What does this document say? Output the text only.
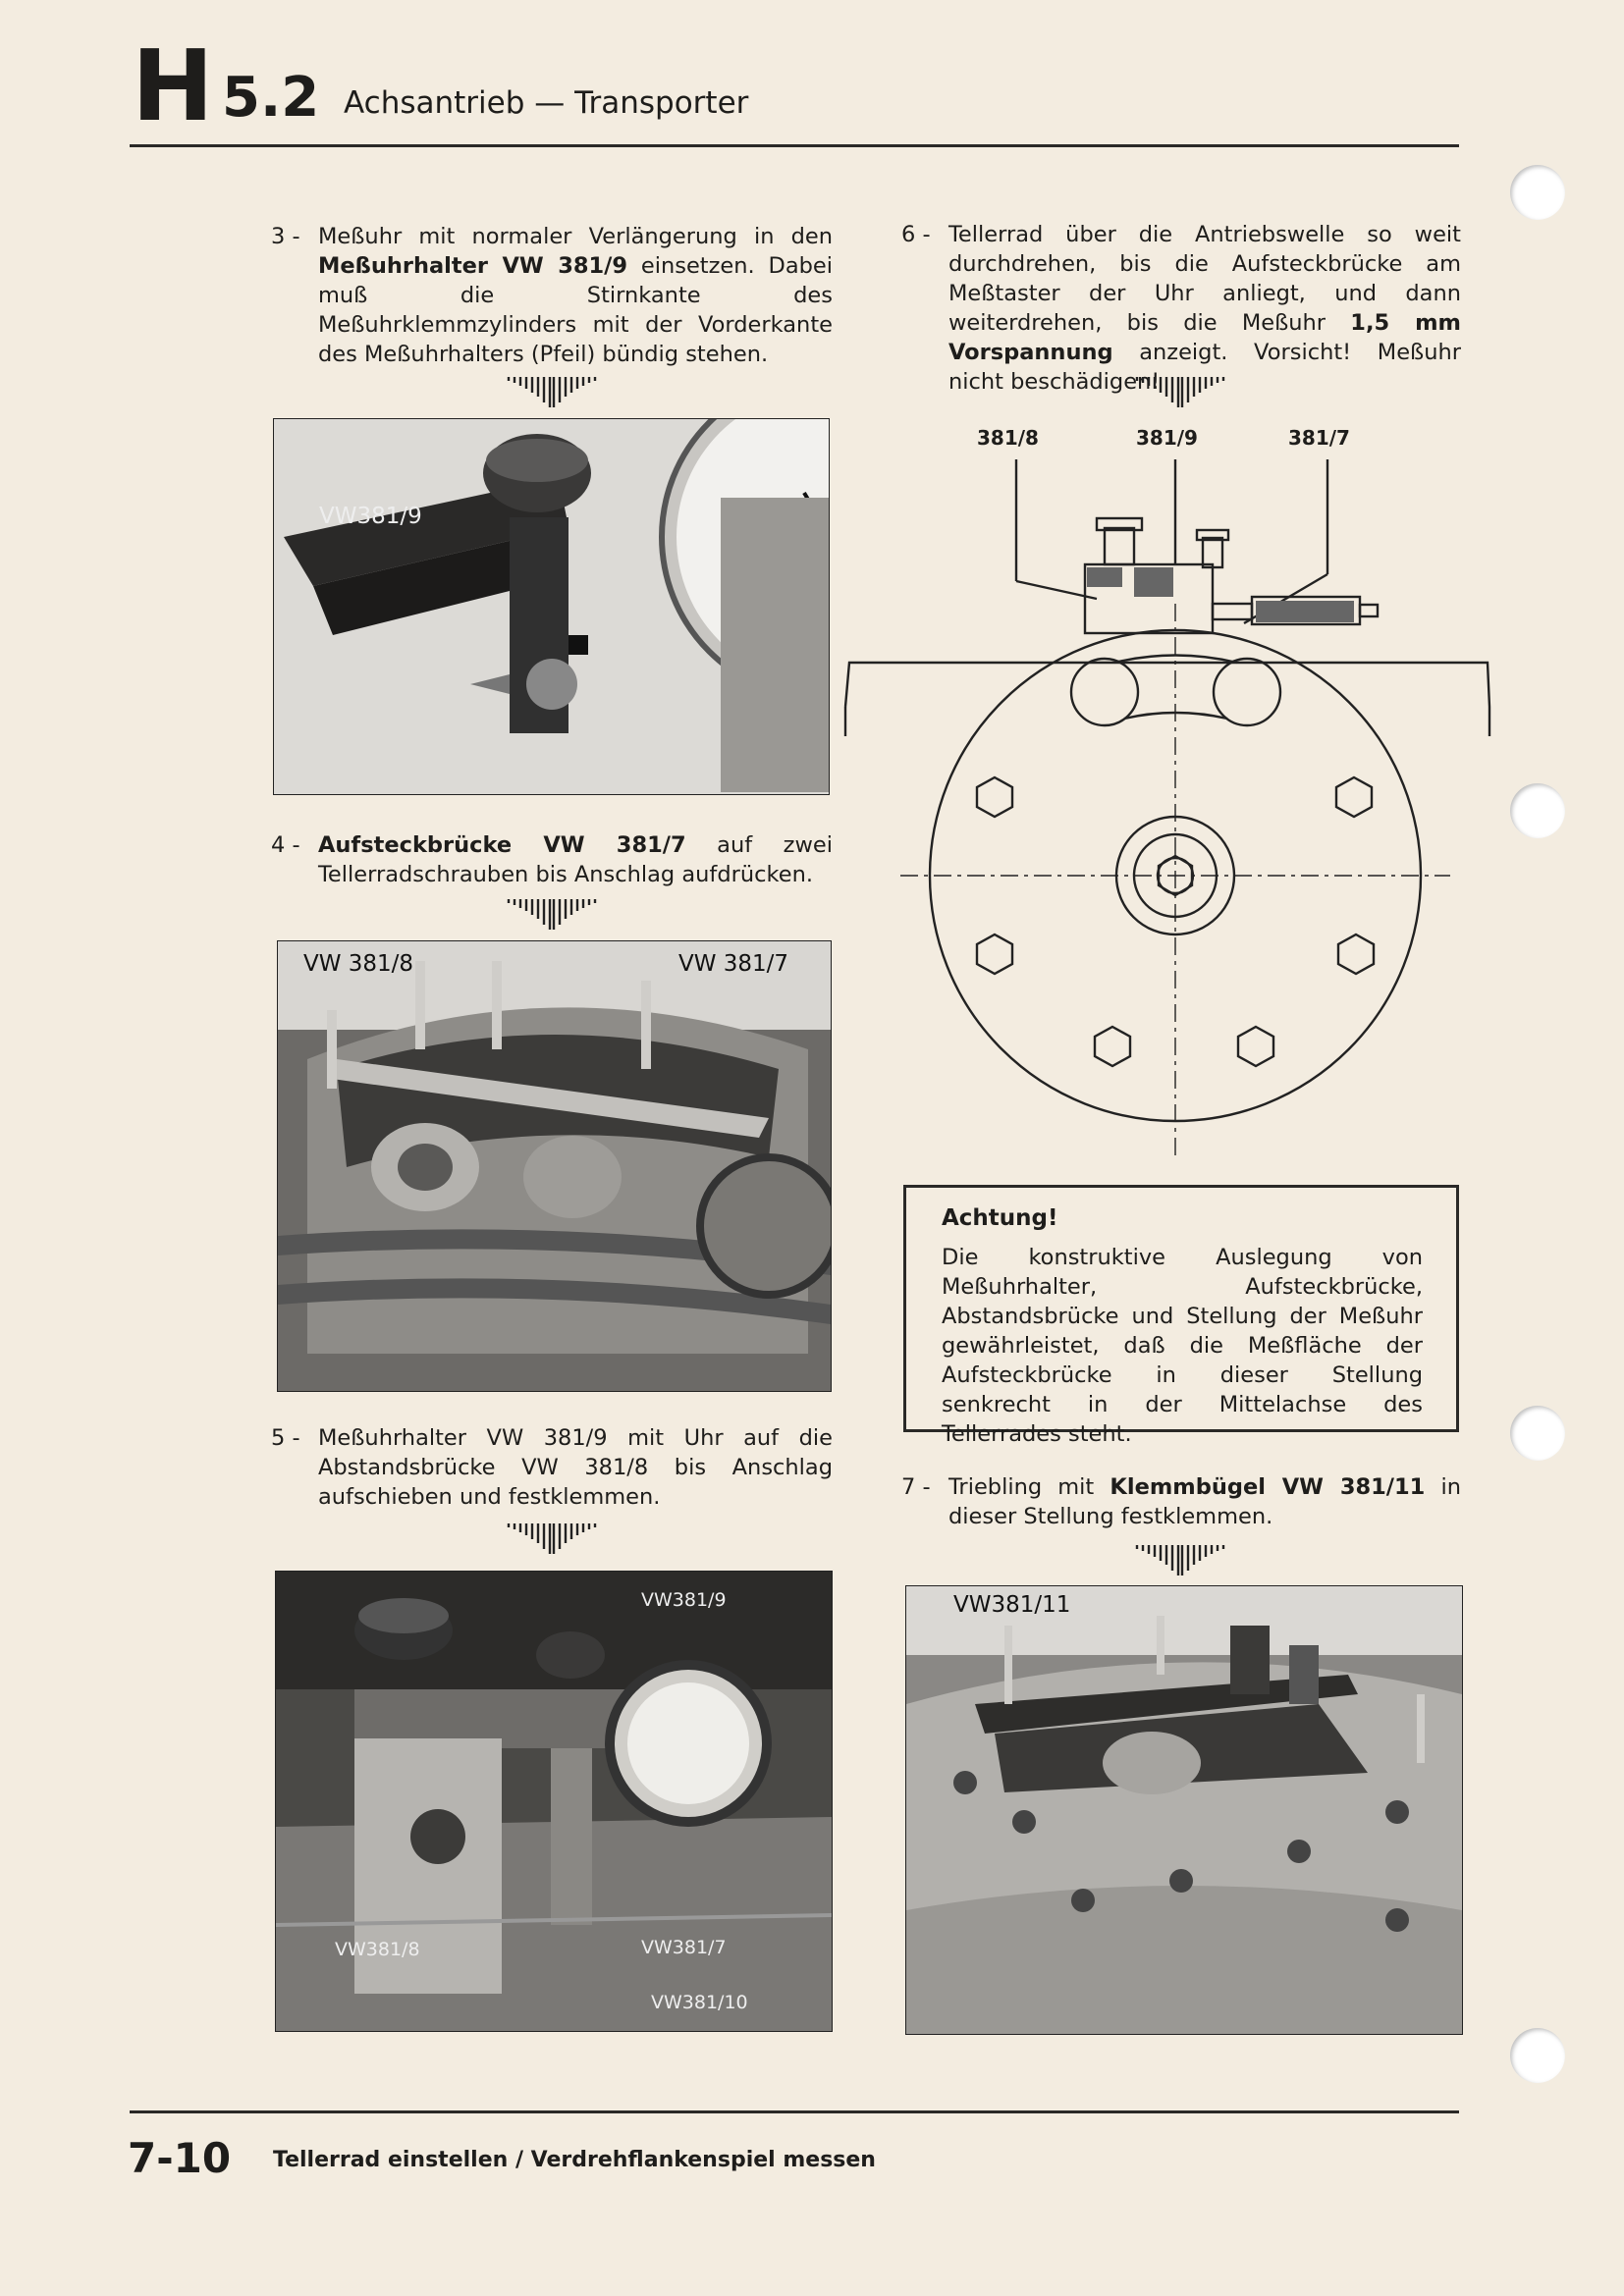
H 5.2 Achsantrieb — Transporter
3 - Meßuhr mit normaler Verlängerung in den Meßuhrhalter VW 381/9 einsetzen. Dabei muß die Stirnkante des Meßuhrklemmzylinders mit der Vorderkante des Meßuhrhalters (Pfeil) bündig stehen.
VW381/9
4 - Aufsteckbrücke VW 381/7 auf zwei Tellerradschrauben bis Anschlag aufdrücken.
VW 381/8	VW 381/7
5 - Meßuhrhalter VW 381/9 mit Uhr auf die Abstandsbrücke VW 381/8 bis Anschlag aufschieben und festklemmen.
VW381/9
VW381/8	VW381/7
VW381/10
6 - Tellerrad über die Antriebswelle so weit durchdrehen, bis die Aufsteckbrücke am Meßtaster der Uhr anliegt, und dann weiterdrehen, bis die Meßuhr 1,5 mm Vorspannung anzeigt. Vorsicht! Meßuhr nicht beschädigen!
381/8	381/9	381/7
Achtung!
Die konstruktive Auslegung von Meßuhrhalter, Aufsteckbrücke, Abstandsbrücke und Stellung der Meßuhr gewährleistet, daß die Meßfläche der Aufsteckbrücke in dieser Stellung senkrecht in der Mittelachse des Tellerrades steht.
7 - Triebling mit Klemmbügel VW 381/11 in dieser Stellung festklemmen.
VW381/11
7-10 Tellerrad einstellen / Verdrehflankenspiel messen
